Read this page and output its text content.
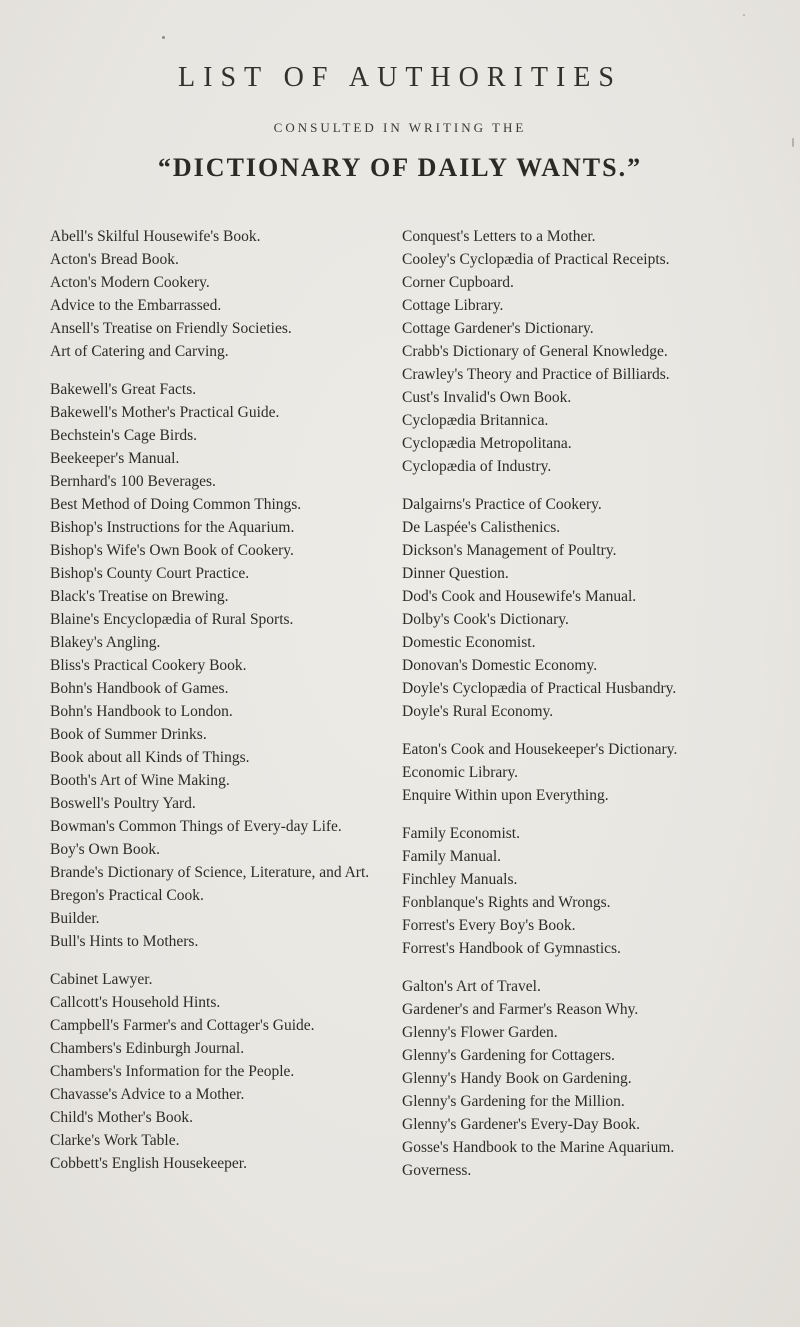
LIST OF AUTHORITIES
CONSULTED IN WRITING THE
“DICTIONARY OF DAILY WANTS.”
Abell's Skilful Housewife's Book.
Acton's Bread Book.
Acton's Modern Cookery.
Advice to the Embarrassed.
Ansell's Treatise on Friendly Societies.
Art of Catering and Carving.
Bakewell's Great Facts.
Bakewell's Mother's Practical Guide.
Bechstein's Cage Birds.
Beekeeper's Manual.
Bernhard's 100 Beverages.
Best Method of Doing Common Things.
Bishop's Instructions for the Aquarium.
Bishop's Wife's Own Book of Cookery.
Bishop's County Court Practice.
Black's Treatise on Brewing.
Blaine's Encyclopædia of Rural Sports.
Blakey's Angling.
Bliss's Practical Cookery Book.
Bohn's Handbook of Games.
Bohn's Handbook to London.
Book of Summer Drinks.
Book about all Kinds of Things.
Booth's Art of Wine Making.
Boswell's Poultry Yard.
Bowman's Common Things of Every-day Life.
Boy's Own Book.
Brande's Dictionary of Science, Literature, and Art.
Bregon's Practical Cook.
Builder.
Bull's Hints to Mothers.
Cabinet Lawyer.
Callcott's Household Hints.
Campbell's Farmer's and Cottager's Guide.
Chambers's Edinburgh Journal.
Chambers's Information for the People.
Chavasse's Advice to a Mother.
Child's Mother's Book.
Clarke's Work Table.
Cobbett's English Housekeeper.
Conquest's Letters to a Mother.
Cooley's Cyclopædia of Practical Receipts.
Corner Cupboard.
Cottage Library.
Cottage Gardener's Dictionary.
Crabb's Dictionary of General Knowledge.
Crawley's Theory and Practice of Billiards.
Cust's Invalid's Own Book.
Cyclopædia Britannica.
Cyclopædia Metropolitana.
Cyclopædia of Industry.
Dalgairns's Practice of Cookery.
De Laspée's Calisthenics.
Dickson's Management of Poultry.
Dinner Question.
Dod's Cook and Housewife's Manual.
Dolby's Cook's Dictionary.
Domestic Economist.
Donovan's Domestic Economy.
Doyle's Cyclopædia of Practical Husbandry.
Doyle's Rural Economy.
Eaton's Cook and Housekeeper's Dictionary.
Economic Library.
Enquire Within upon Everything.
Family Economist.
Family Manual.
Finchley Manuals.
Fonblanque's Rights and Wrongs.
Forrest's Every Boy's Book.
Forrest's Handbook of Gymnastics.
Galton's Art of Travel.
Gardener's and Farmer's Reason Why.
Glenny's Flower Garden.
Glenny's Gardening for Cottagers.
Glenny's Handy Book on Gardening.
Glenny's Gardening for the Million.
Glenny's Gardener's Every-Day Book.
Gosse's Handbook to the Marine Aquarium.
Governess.
